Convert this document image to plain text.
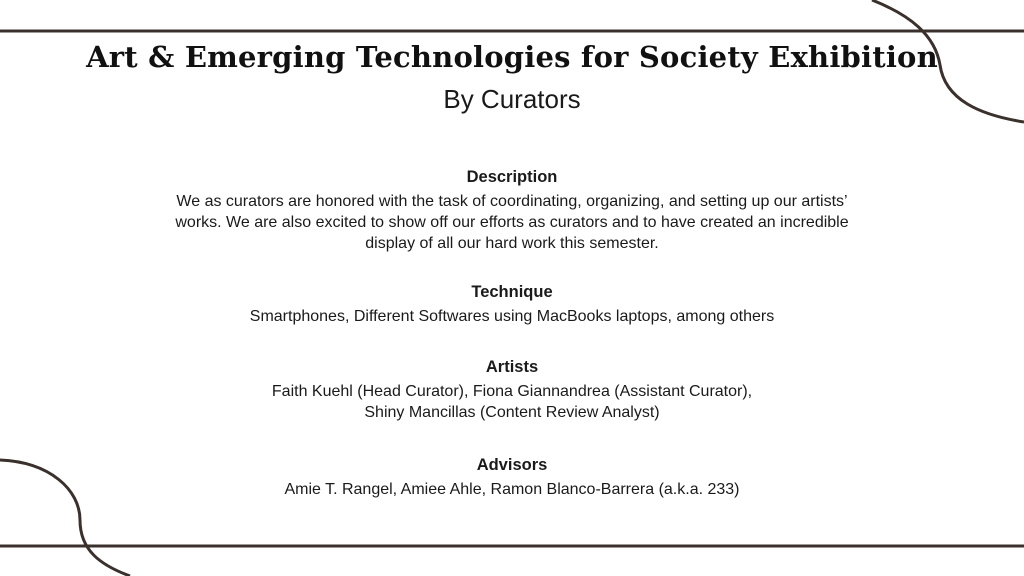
Art & Emerging Technologies for Society Exhibition
By Curators
Description
We as curators are honored with the task of coordinating, organizing, and setting up our artists’
works. We are also excited to show off our efforts as curators and to have created an incredible
display of all our hard work this semester.
Technique
Smartphones, Different Softwares using MacBooks laptops, among others
Artists
Faith Kuehl (Head Curator), Fiona Giannandrea (Assistant Curator),
Shiny Mancillas (Content Review Analyst)
Advisors
Amie T. Rangel, Amiee Ahle, Ramon Blanco-Barrera (a.k.a. 233)
